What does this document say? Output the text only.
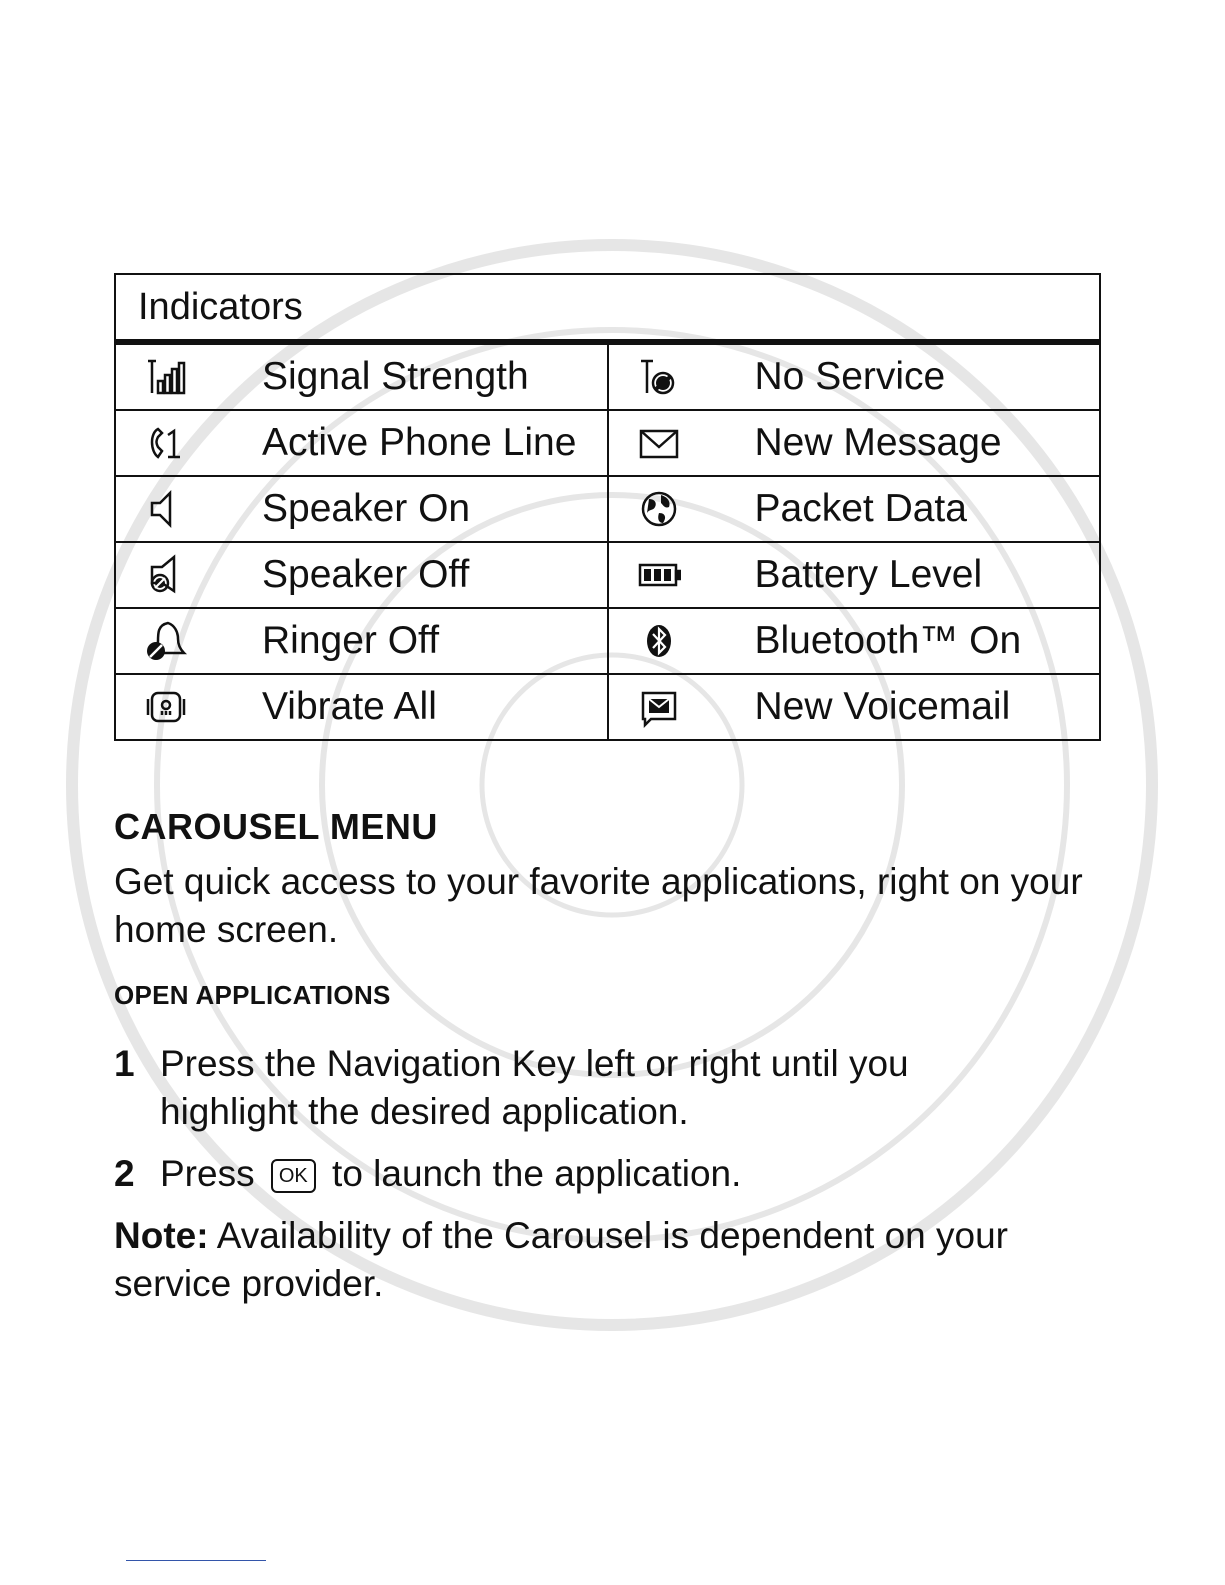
Indicators	

Signal Strength	No Service

Active Phone Line	New Message

Speaker On	Packet Data

Speaker Off	Battery Level

Ringer Off	Bluetooth™ On

Vibrate All	New Voicemail
CAROUSEL MENU

Get quick access to your favorite applications, right on your home screen.

OPEN APPLICATIONS
1 Press the Navigation Key left or right until you highlight the desired application.
2 Press OK to launch the application.

Note: Availability of the Carousel is dependent on your service provider.
